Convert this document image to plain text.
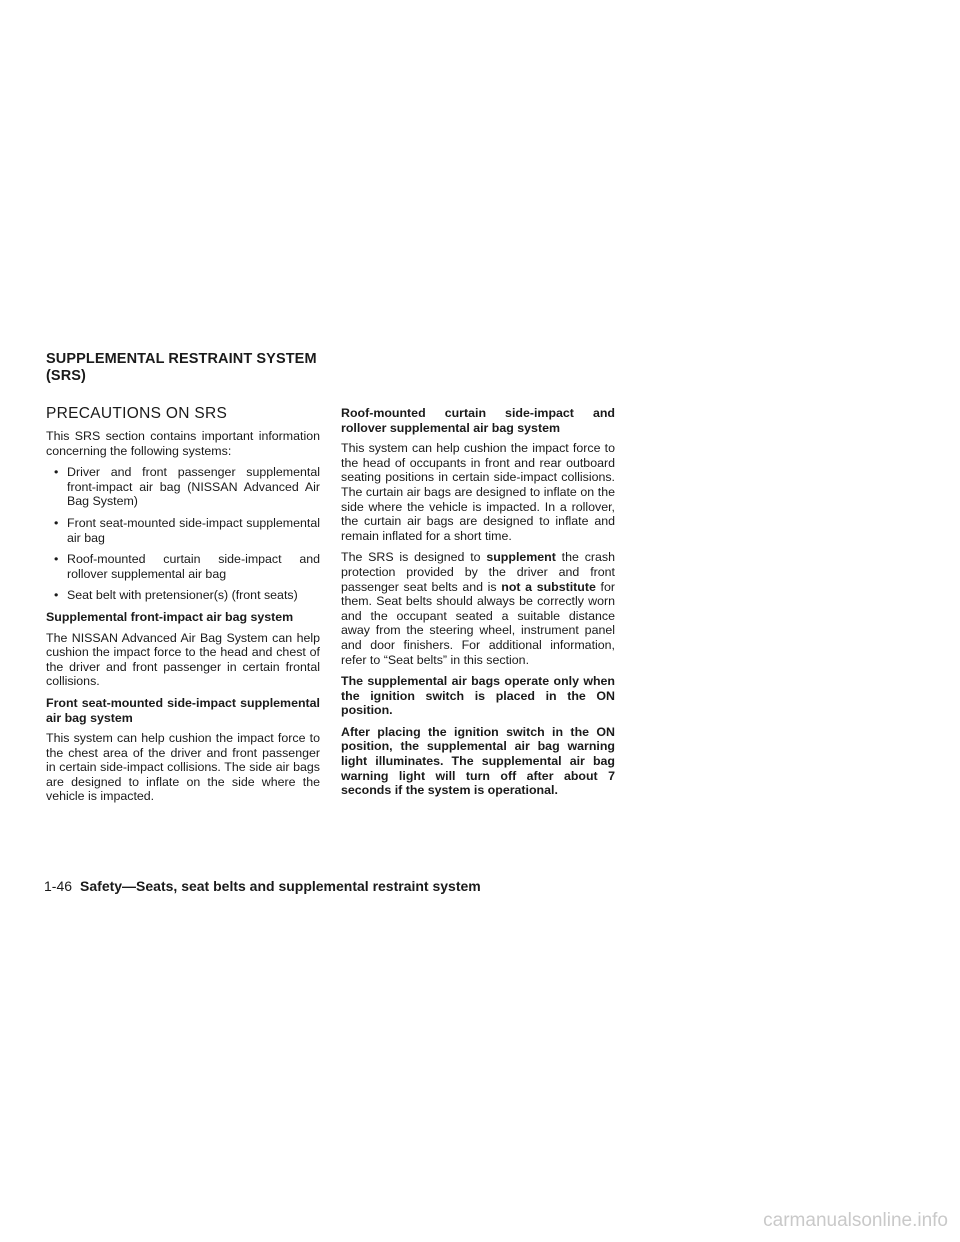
SUPPLEMENTAL RESTRAINT SYSTEM
(SRS)
PRECAUTIONS ON SRS

This SRS section contains important information concerning the following systems:

• Driver and front passenger supplemental front-impact air bag (NISSAN Advanced Air Bag System)
• Front seat-mounted side-impact supplemental air bag
• Roof-mounted curtain side-impact and rollover supplemental air bag
• Seat belt with pretensioner(s) (front seats)

Supplemental front-impact air bag system

The NISSAN Advanced Air Bag System can help cushion the impact force to the head and chest of the driver and front passenger in certain frontal collisions.

Front seat-mounted side-impact supplemental air bag system

This system can help cushion the impact force to the chest area of the driver and front passenger in certain side-impact collisions. The side air bags are designed to inflate on the side where the vehicle is impacted.

Roof-mounted curtain side-impact and rollover supplemental air bag system

This system can help cushion the impact force to the head of occupants in front and rear outboard seating positions in certain side-impact collisions. The curtain air bags are designed to inflate on the side where the vehicle is impacted. In a rollover, the curtain air bags are designed to inflate and remain inflated for a short time.

The SRS is designed to supplement the crash protection provided by the driver and front passenger seat belts and is not a substitute for them. Seat belts should always be correctly worn and the occupant seated a suitable distance away from the steering wheel, instrument panel and door finishers. For additional information, refer to “Seat belts” in this section.

The supplemental air bags operate only when the ignition switch is placed in the ON position.

After placing the ignition switch in the ON position, the supplemental air bag warning light illuminates. The supplemental air bag warning light will turn off after about 7 seconds if the system is operational.

1-46 Safety—Seats, seat belts and supplemental restraint system
carmanualsonline.info
